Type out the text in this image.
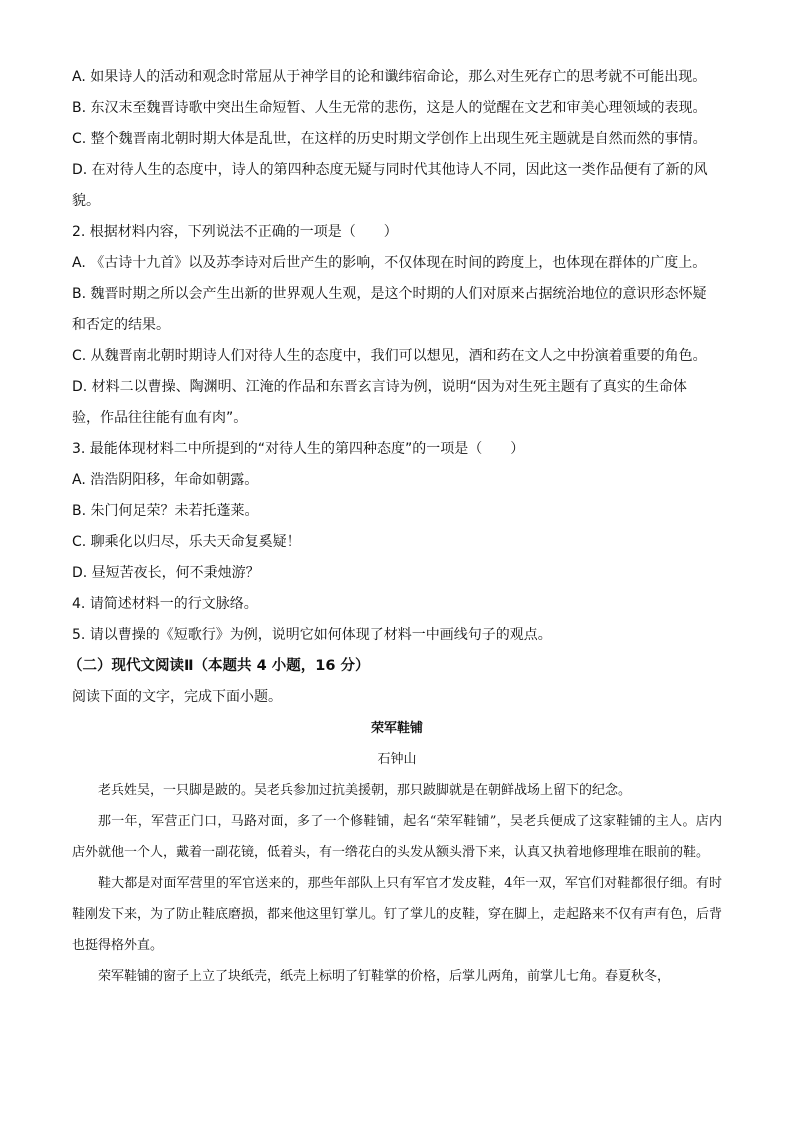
A. 如果诗人的活动和观念时常屈从于神学目的论和谶纬宿命论，那么对生死存亡的思考就不可能出现。
B. 东汉末至魏晋诗歌中突出生命短暂、人生无常的悲伤，这是人的觉醒在文艺和审美心理领域的表现。
C. 整个魏晋南北朝时期大体是乱世，在这样的历史时期文学创作上出现生死主题就是自然而然的事情。
D. 在对待人生的态度中，诗人的第四种态度无疑与同时代其他诗人不同，因此这一类作品便有了新的风
貌。
2. 根据材料内容，下列说法不正确的一项是（　　）
A. 《古诗十九首》以及苏李诗对后世产生的影响，不仅体现在时间的跨度上，也体现在群体的广度上。
B. 魏晋时期之所以会产生出新的世界观人生观，是这个时期的人们对原来占据统治地位的意识形态怀疑
和否定的结果。
C. 从魏晋南北朝时期诗人们对待人生的态度中，我们可以想见，酒和药在文人之中扮演着重要的角色。
D. 材料二以曹操、陶渊明、江淹的作品和东晋玄言诗为例，说明“因为对生死主题有了真实的生命体
验，作品往往能有血有肉”。
3. 最能体现材料二中所提到的“对待人生的第四种态度”的一项是（　　）
A. 浩浩阴阳移，年命如朝露。
B. 朱门何足荣？未若托蓬莱。
C. 聊乘化以归尽，乐夫天命复奚疑！
D. 昼短苦夜长，何不秉烛游？
4. 请简述材料一的行文脉络。
5. 请以曹操的《短歌行》为例，说明它如何体现了材料一中画线句子的观点。
（二）现代文阅读Ⅱ（本题共 4 小题，16 分）
阅读下面的文字，完成下面小题。
荣军鞋铺
石钟山

老兵姓吴，一只脚是跛的。吴老兵参加过抗美援朝，那只跛脚就是在朝鲜战场上留下的纪念。

那一年，军营正门口，马路对面，多了一个修鞋铺，起名“荣军鞋铺”，吴老兵便成了这家鞋铺的主人。店内店外就他一个人，戴着一副花镜，低着头，有一绺花白的头发从额头滑下来，认真又执着地修理堆在眼前的鞋。

鞋大都是对面军营里的军官送来的，那些年部队上只有军官才发皮鞋，4年一双，军官们对鞋都很仔细。有时鞋刚发下来，为了防止鞋底磨损，都来他这里钉掌儿。钉了掌儿的皮鞋，穿在脚上，走起路来不仅有声有色，后背也挺得格外直。

荣军鞋铺的窗子上立了块纸壳，纸壳上标明了钉鞋掌的价格，后掌儿两角，前掌儿七角。春夏秋冬，
